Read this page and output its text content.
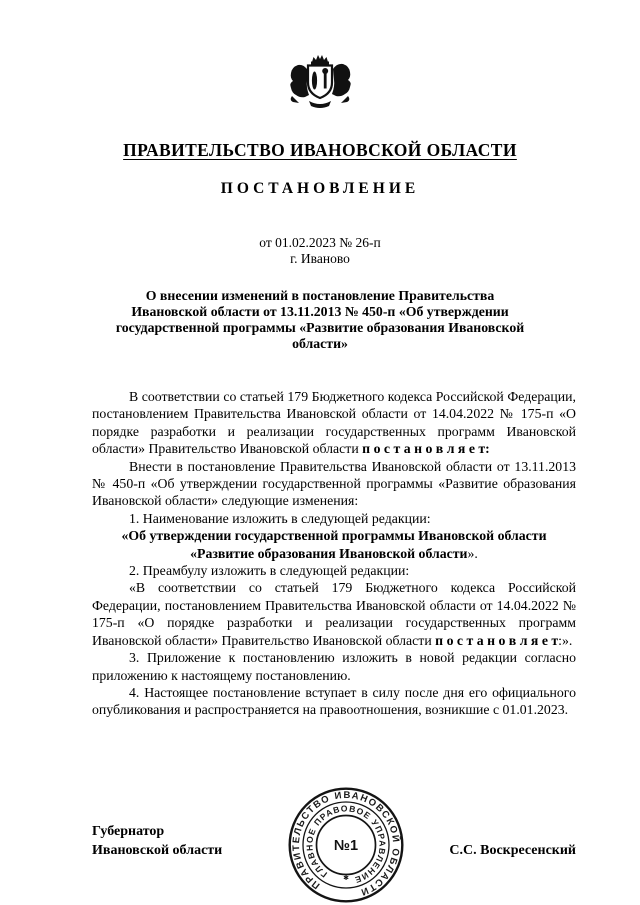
ПРАВИТЕЛЬСТВО ИВАНОВСКОЙ ОБЛАСТИ
ПОСТАНОВЛЕНИЕ
от 01.02.2023 № 26-п
г. Иваново
О внесении изменений в постановление Правительства Ивановской области от 13.11.2013 № 450-п «Об утверждении государственной программы «Развитие образования Ивановской области»

В соответствии со статьей 179 Бюджетного кодекса Российской Федерации, постановлением Правительства Ивановской области от 14.04.2022 № 175-п «О порядке разработки и реализации государственных программ Ивановской области» Правительство Ивановской области п о с т а н о в л я е т:

Внести в постановление Правительства Ивановской области от 13.11.2013 № 450-п «Об утверждении государственной программы «Развитие образования Ивановской области» следующие изменения:

1. Наименование изложить в следующей редакции:

«Об утверждении государственной программы Ивановской области «Развитие образования Ивановской области».

2. Преамбулу изложить в следующей редакции:

«В соответствии со статьей 179 Бюджетного кодекса Российской Федерации, постановлением Правительства Ивановской области от 14.04.2022 № 175-п «О порядке разработки и реализации государственных программ Ивановской области» Правительство Ивановской области п о с т а н о в л я е т:».

3. Приложение к постановлению изложить в новой редакции согласно приложению к настоящему постановлению.

4. Настоящее постановление вступает в силу после дня его официального опубликования и распространяется на правоотношения, возникшие с 01.01.2023.

Губернатор
Ивановской области	С.С. Воскресенский
ПРАВИТЕЛЬСТВО ИВАНОВСКОЙ ОБЛАСТИ
ГЛАВНОЕ ПРАВОВОЕ УПРАВЛЕНИЕ
№1
✱
